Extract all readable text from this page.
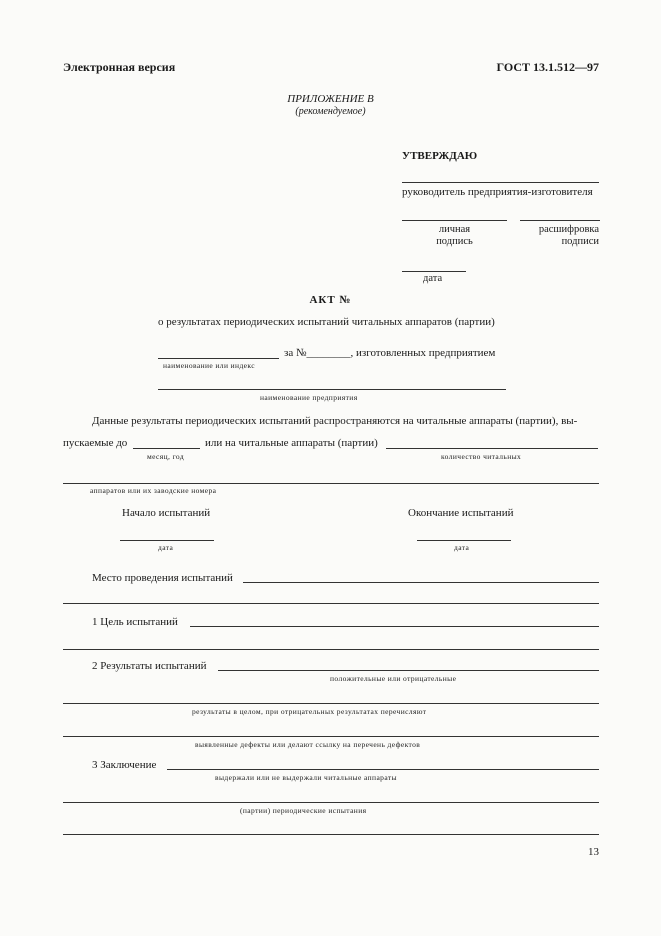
Электронная версия	ГОСТ 13.1.512—97
ПРИЛОЖЕНИЕ В
(рекомендуемое)
УТВЕРЖДАЮ
руководитель предприятия-изготовителя
личная
подпись
расшифровка
подписи
дата
АКТ №
о результатах периодических испытаний читальных аппаратов (партии)
за №________, изготовленных предприятием
наименование или индекс
наименование предприятия
Данные результаты периодических испытаний распространяются на читальные аппараты (партии), вы-
пускаемые до	или на читальные аппараты (партии)
месяц, год	количество читальных
аппаратов или их заводские номера
Начало испытаний	Окончание испытаний
дата	дата
Место проведения испытаний
1 Цель испытаний
2 Результаты испытаний
положительные или отрицательные
результаты в целом, при отрицательных результатах перечисляют
выявленные дефекты или делают ссылку на перечень дефектов
3 Заключение
выдержали или не выдержали читальные аппараты
(партии) периодические испытания
13
